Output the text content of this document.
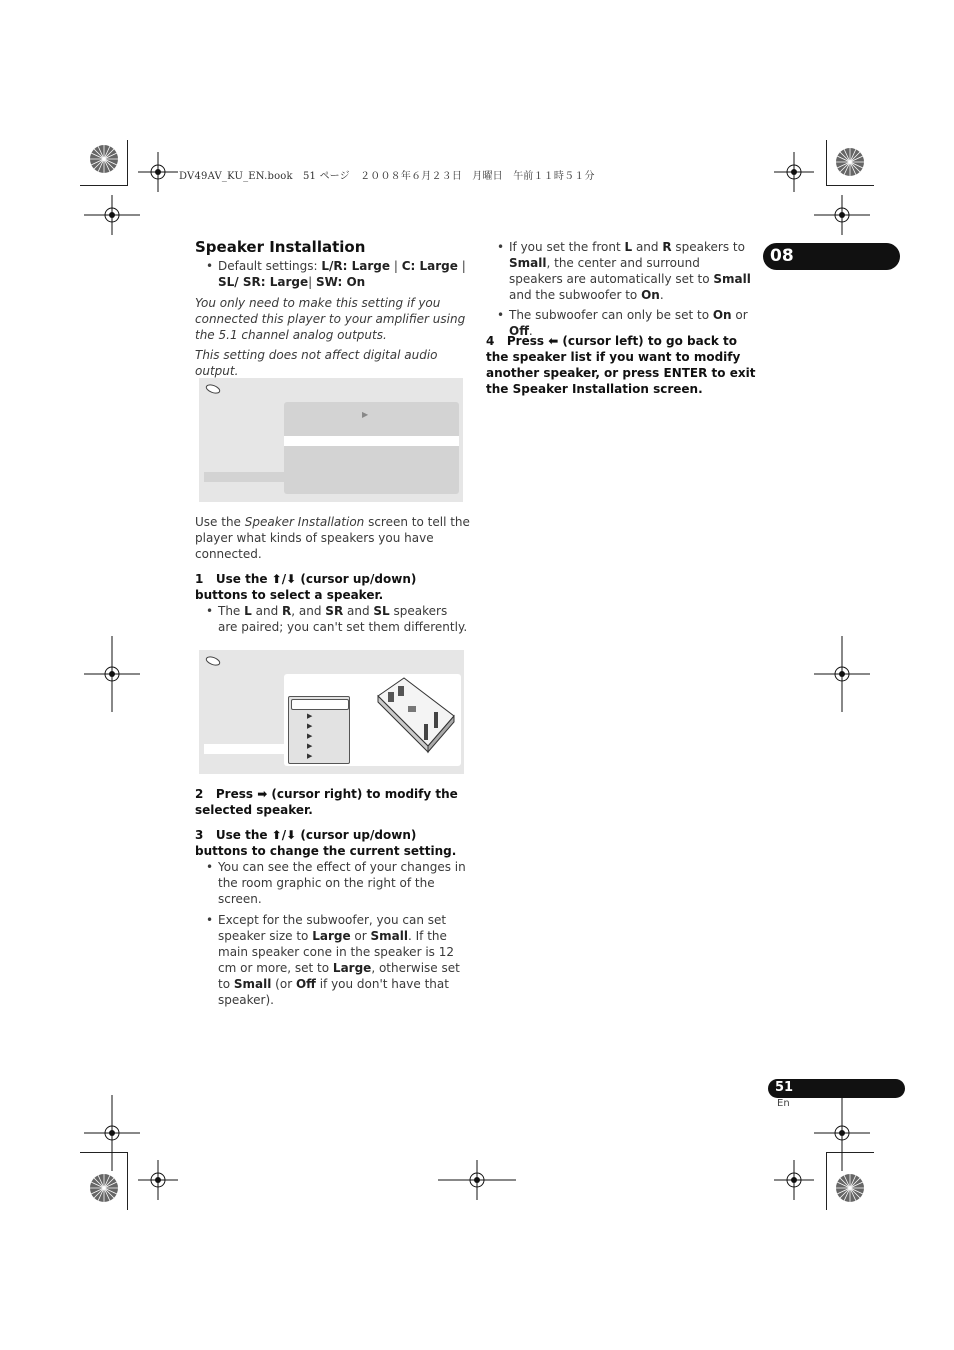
DV49AV_KU_EN.book　51 ページ　２００８年６月２３日　月曜日　午前１１時５１分
08
Speaker Installation
• Default settings: L/R: Large | C: Large | SL/ SR: Large| SW: On
You only need to make this setting if you connected this player to your amplifier using the 5.1 channel analog outputs.
This setting does not affect digital audio output.
▶
Use the Speaker Installation screen to tell the player what kinds of speakers you have connected.
1   Use the ⬆/⬇ (cursor up/down) buttons to select a speaker.
• The L and R, and SR and SL speakers are paired; you can't set them differently.
▶
▶
▶
▶
▶
2   Press ➡ (cursor right) to modify the selected speaker.
3   Use the ⬆/⬇ (cursor up/down) buttons to change the current setting.
• You can see the effect of your changes in the room graphic on the right of the screen.
• Except for the subwoofer, you can set speaker size to Large or Small. If the main speaker cone in the speaker is 12 cm or more, set to Large, otherwise set to Small (or Off if you don't have that speaker).
• If you set the front L and R speakers to Small, the center and surround speakers are automatically set to Small and the subwoofer to On.
• The subwoofer can only be set to On or Off.
4   Press ⬅ (cursor left) to go back to the speaker list if you want to modify another speaker, or press ENTER to exit the Speaker Installation screen.
51
En
